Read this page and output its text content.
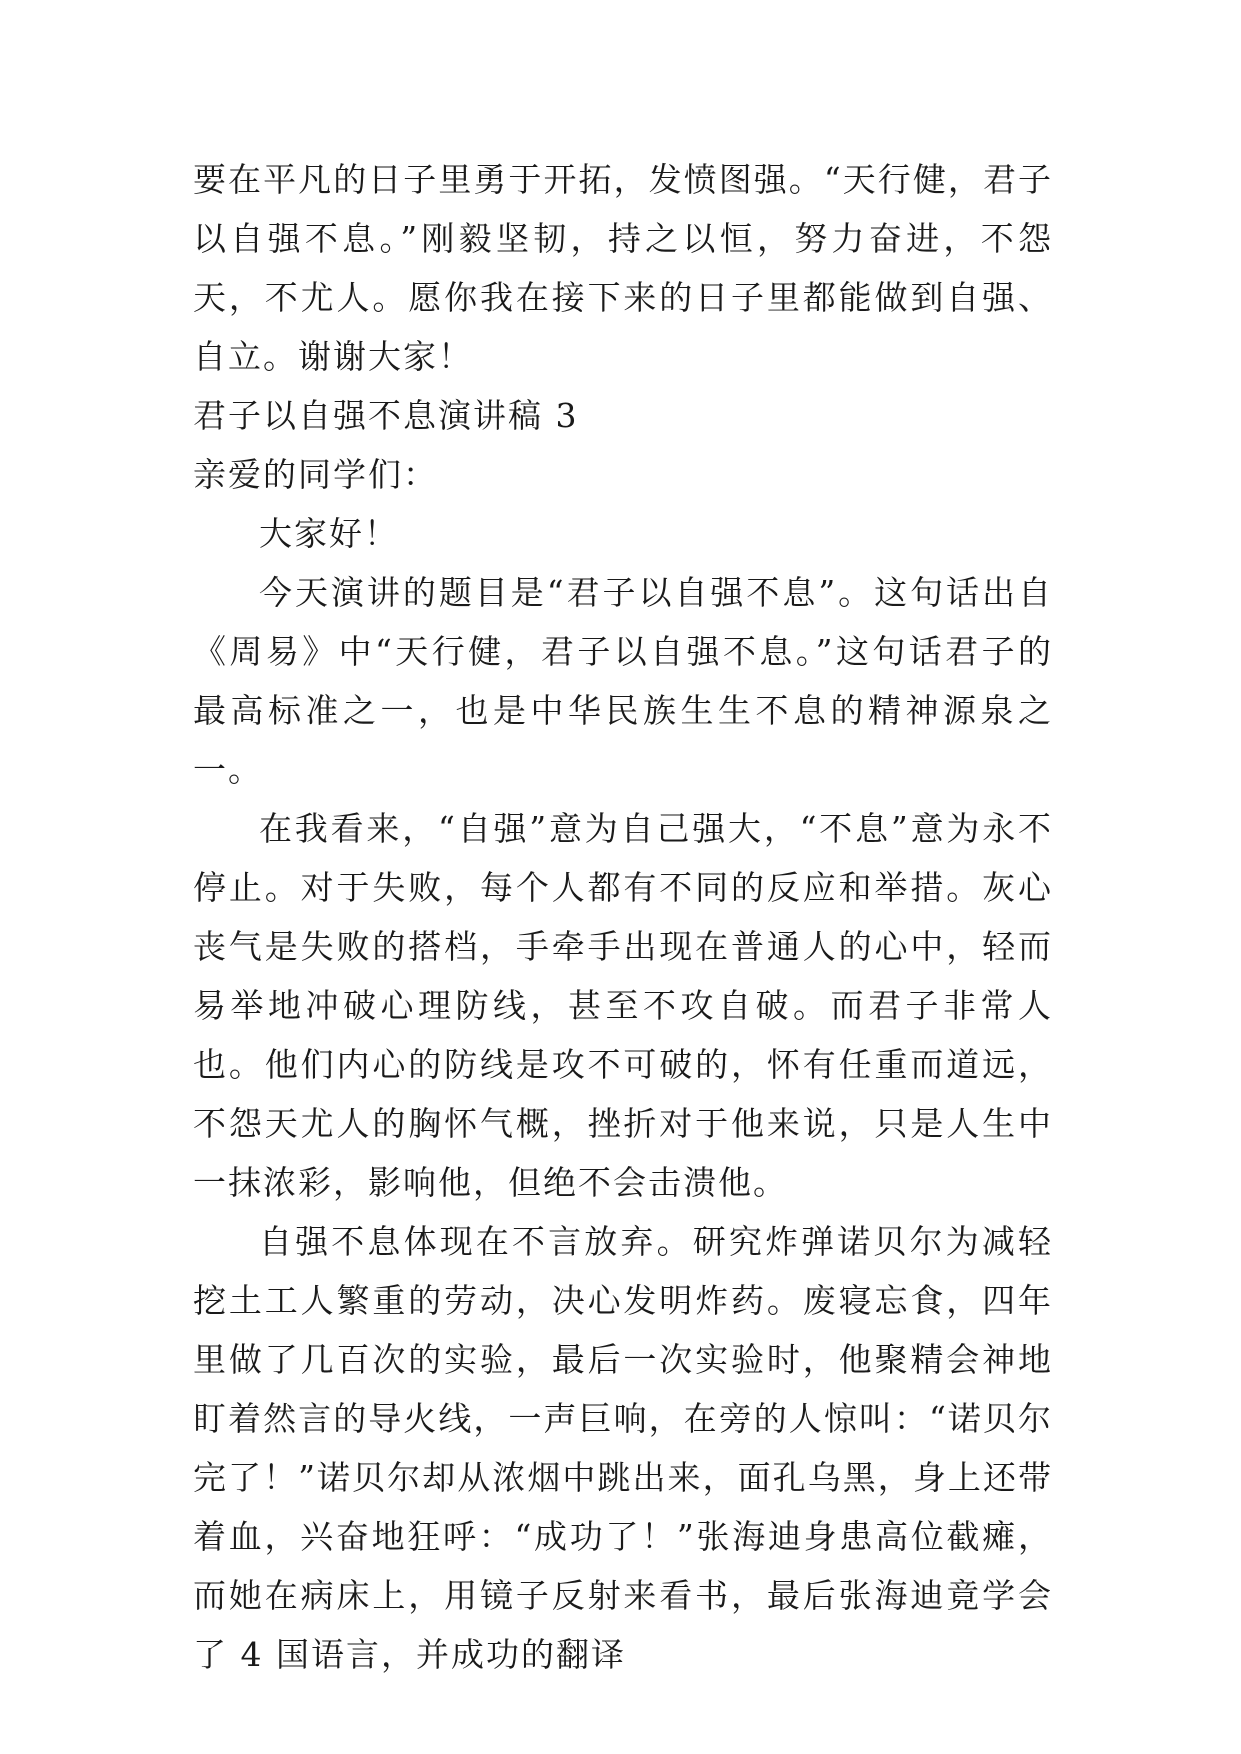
要在平凡的日子里勇于开拓，发愤图强。“天行健，君子以自强不息。”刚毅坚韧，持之以恒，努力奋进，不怨天，不尤人。愿你我在接下来的日子里都能做到自强、自立。谢谢大家！

君子以自强不息演讲稿 3

亲爱的同学们：

大家好！

今天演讲的题目是“君子以自强不息”。这句话出自《周易》中“天行健，君子以自强不息。”这句话君子的最高标准之一，也是中华民族生生不息的精神源泉之一。

在我看来，“自强”意为自己强大，“不息”意为永不停止。对于失败，每个人都有不同的反应和举措。灰心丧气是失败的搭档，手牵手出现在普通人的心中，轻而易举地冲破心理防线，甚至不攻自破。而君子非常人也。他们内心的防线是攻不可破的，怀有任重而道远，不怨天尤人的胸怀气概，挫折对于他来说，只是人生中一抹浓彩，影响他，但绝不会击溃他。

自强不息体现在不言放弃。研究炸弹诺贝尔为减轻挖土工人繁重的劳动，决心发明炸药。废寝忘食，四年里做了几百次的实验，最后一次实验时，他聚精会神地盯着然言的导火线，一声巨响，在旁的人惊叫：“诺贝尔完了！”诺贝尔却从浓烟中跳出来，面孔乌黑，身上还带着血，兴奋地狂呼：“成功了！”张海迪身患高位截瘫，而她在病床上，用镜子反射来看书，最后张海迪竟学会了 4 国语言，并成功的翻译
